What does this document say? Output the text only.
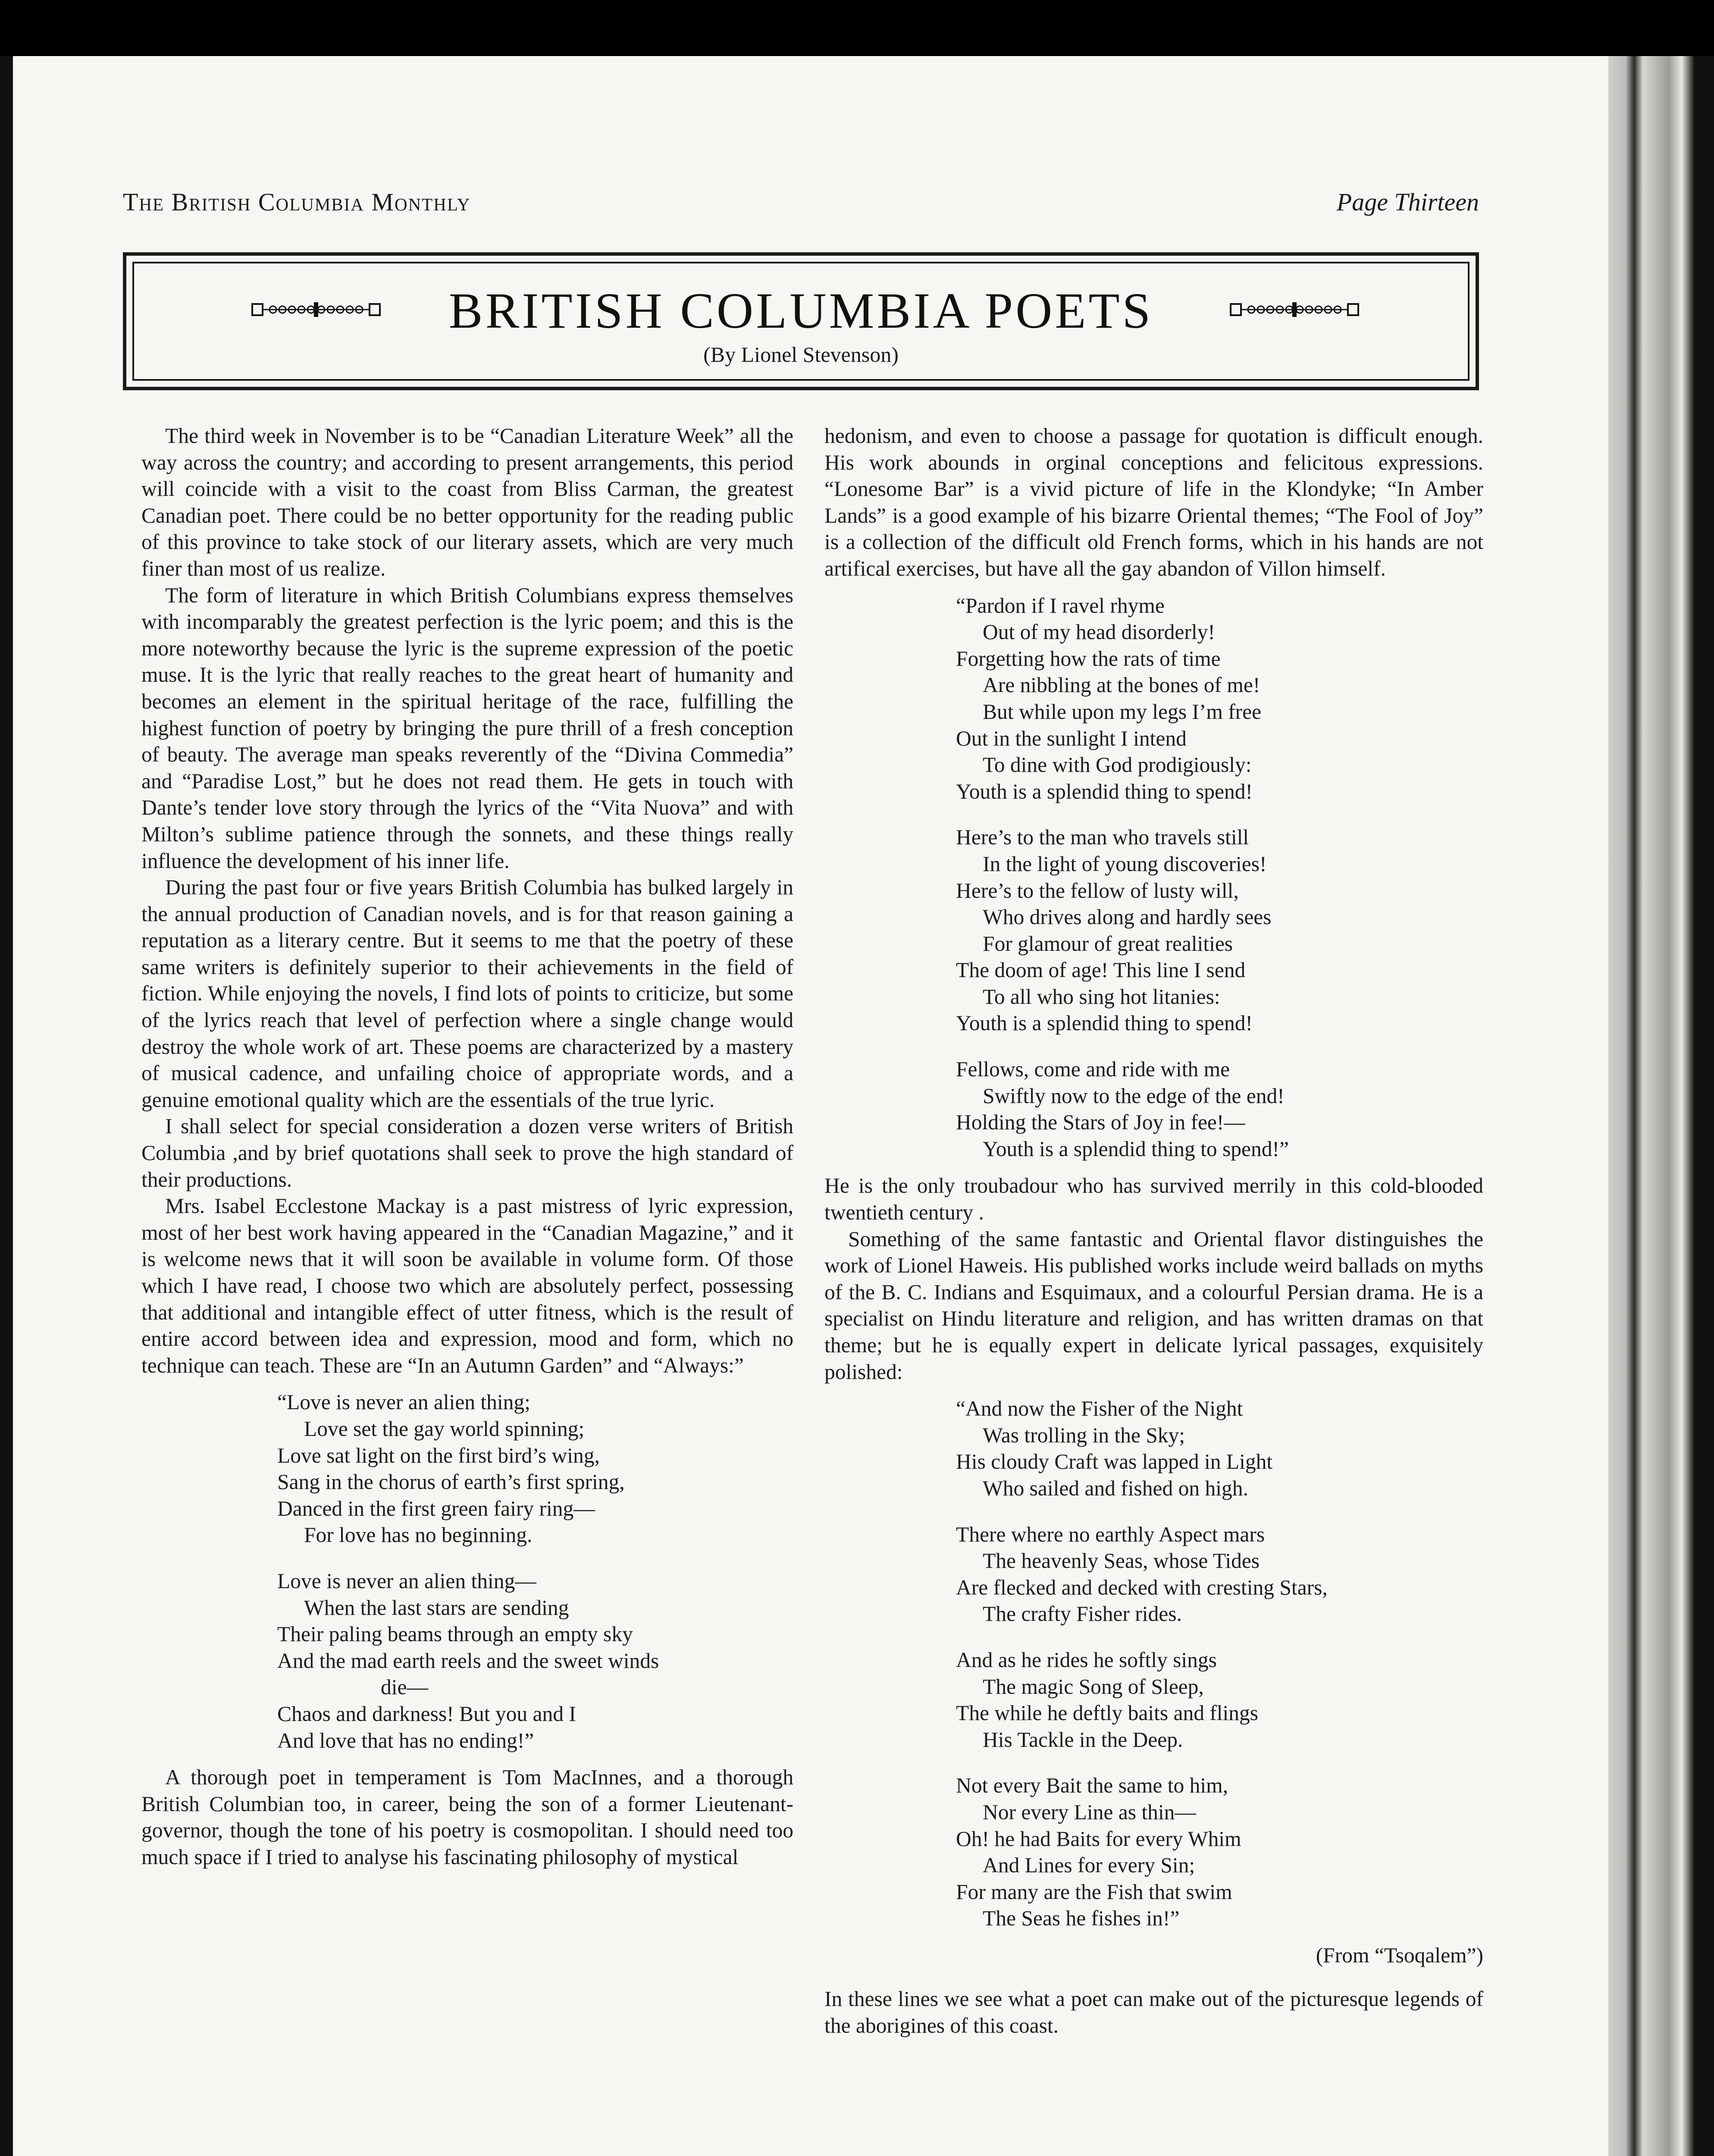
The British Columbia Monthly	Page Thirteen
BRITISH COLUMBIA POETS
(By Lionel Stevenson)

The third week in November is to be “Canadian Literature Week” all the way across the country; and according to present arrangements, this period will coincide with a visit to the coast from Bliss Carman, the greatest Canadian poet. There could be no better opportunity for the reading public of this province to take stock of our literary assets, which are very much finer than most of us realize.

The form of literature in which British Columbians express themselves with incomparably the greatest perfection is the lyric poem; and this is the more noteworthy because the lyric is the supreme expression of the poetic muse. It is the lyric that really reaches to the great heart of humanity and becomes an element in the spiritual heritage of the race, fulfilling the highest function of poetry by bringing the pure thrill of a fresh conception of beauty. The average man speaks reverently of the “Divina Commedia” and “Paradise Lost,” but he does not read them. He gets in touch with Dante’s tender love story through the lyrics of the “Vita Nuova” and with Milton’s sublime patience through the sonnets, and these things really influence the development of his inner life.

During the past four or five years British Columbia has bulked largely in the annual production of Canadian novels, and is for that reason gaining a reputation as a literary centre. But it seems to me that the poetry of these same writers is definitely superior to their achievements in the field of fiction. While enjoying the novels, I find lots of points to criticize, but some of the lyrics reach that level of perfection where a single change would destroy the whole work of art. These poems are characterized by a mastery of musical cadence, and unfailing choice of appropriate words, and a genuine emotional quality which are the essentials of the true lyric.

I shall select for special consideration a dozen verse writers of British Columbia ,and by brief quotations shall seek to prove the high standard of their productions.

Mrs. Isabel Ecclestone Mackay is a past mistress of lyric expression, most of her best work having appeared in the “Canadian Magazine,” and it is welcome news that it will soon be available in volume form. Of those which I have read, I choose two which are absolutely perfect, possessing that additional and intangible effect of utter fitness, which is the result of entire accord between idea and expression, mood and form, which no technique can teach. These are “In an Autumn Garden” and “Always:”

“Love is never an alien thing;
Love set the gay world spinning;
Love sat light on the first bird’s wing,
Sang in the chorus of earth’s first spring,
Danced in the first green fairy ring—
For love has no beginning.
Love is never an alien thing—
When the last stars are sending
Their paling beams through an empty sky
And the mad earth reels and the sweet winds
die—
Chaos and darkness! But you and I
And love that has no ending!”

A thorough poet in temperament is Tom MacInnes, and a thorough British Columbian too, in career, being the son of a former Lieutenant-governor, though the tone of his poetry is cosmopolitan. I should need too much space if I tried to analyse his fascinating philosophy of mystical

hedonism, and even to choose a passage for quotation is difficult enough. His work abounds in orginal conceptions and felicitous expressions. “Lonesome Bar” is a vivid picture of life in the Klondyke; “In Amber Lands” is a good example of his bizarre Oriental themes; “The Fool of Joy” is a collection of the difficult old French forms, which in his hands are not artifical exercises, but have all the gay abandon of Villon himself.

“Pardon if I ravel rhyme
Out of my head disorderly!
Forgetting how the rats of time
Are nibbling at the bones of me!
But while upon my legs I’m free
Out in the sunlight I intend
To dine with God prodigiously:
Youth is a splendid thing to spend!
Here’s to the man who travels still
In the light of young discoveries!
Here’s to the fellow of lusty will,
Who drives along and hardly sees
For glamour of great realities
The doom of age! This line I send
To all who sing hot litanies:
Youth is a splendid thing to spend!
Fellows, come and ride with me
Swiftly now to the edge of the end!
Holding the Stars of Joy in fee!—
Youth is a splendid thing to spend!”

He is the only troubadour who has survived merrily in this cold-blooded twentieth century .

Something of the same fantastic and Oriental flavor distinguishes the work of Lionel Haweis. His published works include weird ballads on myths of the B. C. Indians and Esquimaux, and a colourful Persian drama. He is a specialist on Hindu literature and religion, and has written dramas on that theme; but he is equally expert in delicate lyrical passages, exquisitely polished:

“And now the Fisher of the Night
Was trolling in the Sky;
His cloudy Craft was lapped in Light
Who sailed and fished on high.
There where no earthly Aspect mars
The heavenly Seas, whose Tides
Are flecked and decked with cresting Stars,
The crafty Fisher rides.
And as he rides he softly sings
The magic Song of Sleep,
The while he deftly baits and flings
His Tackle in the Deep.
Not every Bait the same to him,
Nor every Line as thin—
Oh! he had Baits for every Whim
And Lines for every Sin;
For many are the Fish that swim
The Seas he fishes in!”
(From “Tsoqalem”)

In these lines we see what a poet can make out of the picturesque legends of the aborigines of this coast.
